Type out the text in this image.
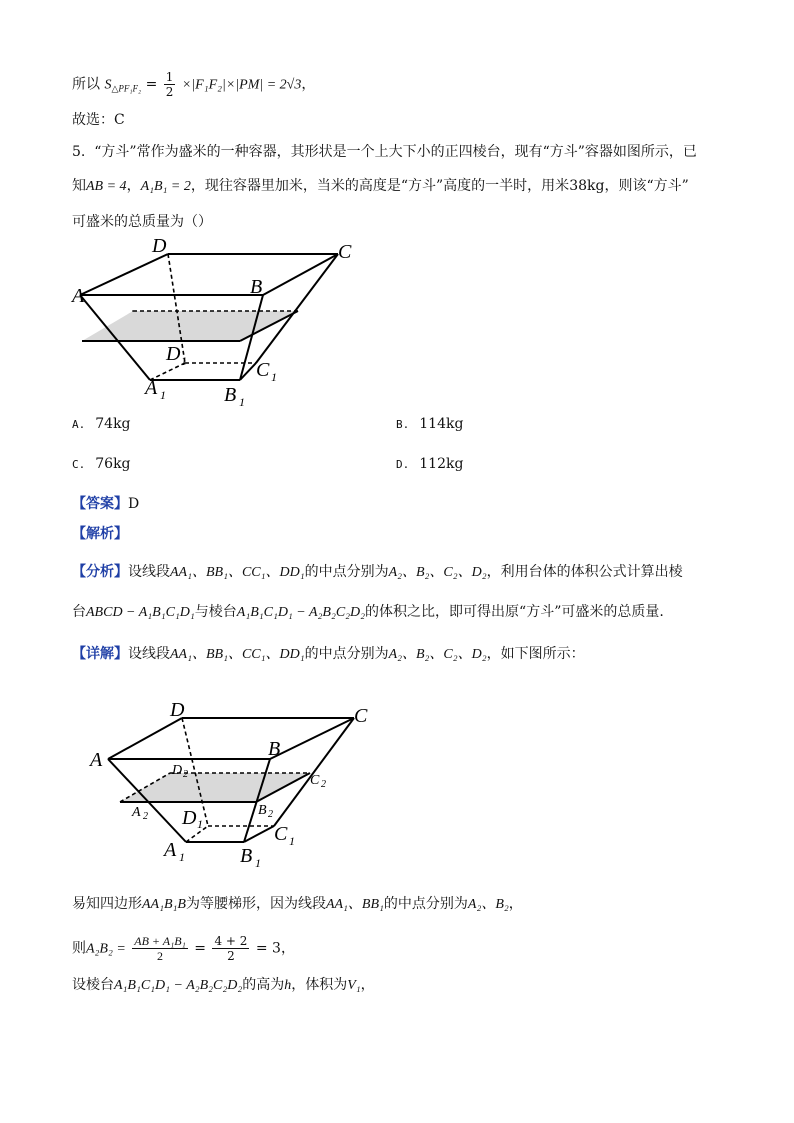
所以 $S_{\triangle PF_1F_2} = \frac{1}{2} \times|F_1F_2|\times|PM| = 2√3$，
故选：C
5. “方斗”常作为盛米的一种容器，其形状是一个上大下小的正四棱台，现有“方斗”容器如图所示，已
知AB = 4，A₁B₁ = 2，现往容器里加米，当米的高度是“方斗”高度的一半时，用米38kg，则该“方斗”
可盛米的总质量为（）
A
D	C
B
D 1	C 1
A 1	B 1
A. 74kg	B. 114kg
C. 76kg	D. 112kg
【答案】D
【解析】
【分析】设线段AA₁、BB₁、CC₁、DD₁的中点分别为A₂、B₂、C₂、D₂，利用台体的体积公式计算出棱
台ABCD − A₁B₁C₁D₁与棱台A₁B₁C₁D₁ − A₂B₂C₂D₂的体积之比，即可得出原“方斗”可盛米的总质量.
【详解】设线段AA₁、BB₁、CC₁、DD₁的中点分别为A₂、B₂、C₂、D₂，如下图所示：
A
D	C
B
D 2	C 2
A 2	B 2
D 1	C 1
A 1	B 1
易知四边形AA₁B₁B为等腰梯形，因为线段AA₁、BB₁的中点分别为A₂、B₂，
则$A_2B_2 = \frac{\text{AB + A₁B₁}}{2} = \frac{4 + 2}{2} = 3$，
设棱台A₁B₁C₁D₁ − A₂B₂C₂D₂的高为h，体积为V₁，
